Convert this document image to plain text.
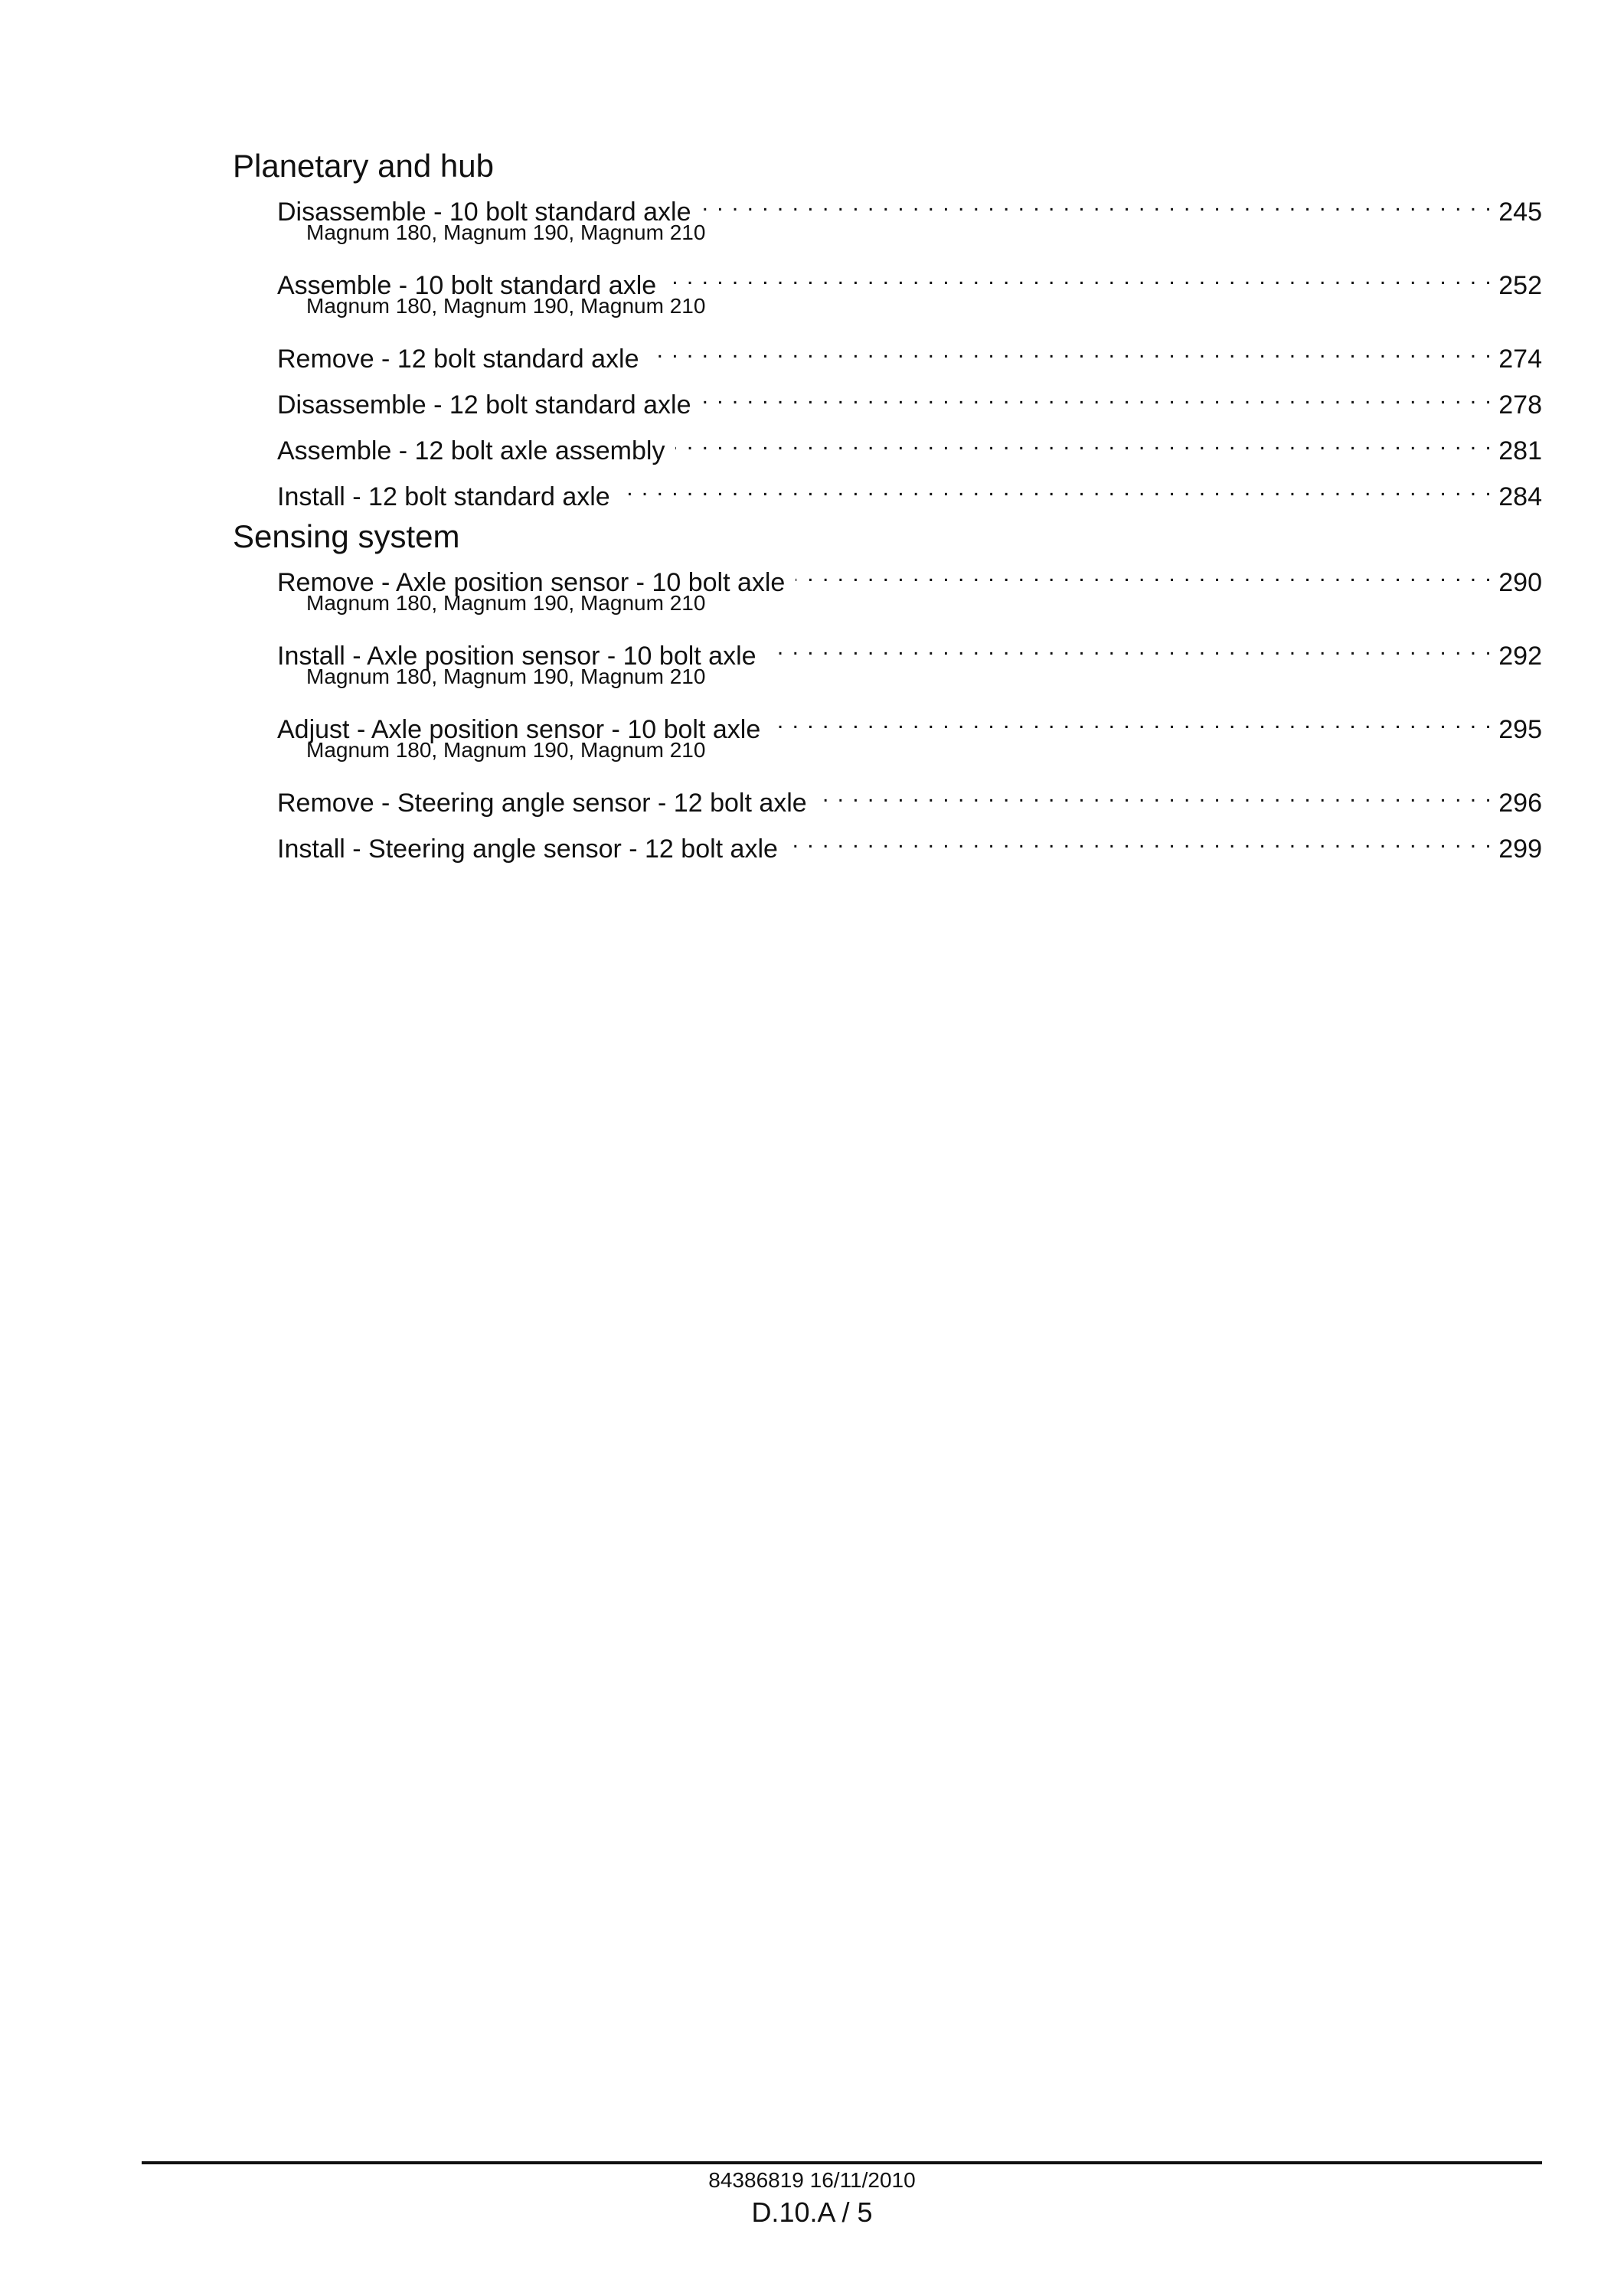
Planetary and hub
Disassemble - 10 bolt standard axle . . .	245
Magnum 180, Magnum 190, Magnum 210
Assemble - 10 bolt standard axle . . .	252
Magnum 180, Magnum 190, Magnum 210
Remove - 12 bolt standard axle . . .	274
Disassemble - 12 bolt standard axle . . .	278
Assemble - 12 bolt axle assembly . . .	281
Install - 12 bolt standard axle . . .	284
Sensing system
Remove - Axle position sensor - 10 bolt axle . . .	290
Magnum 180, Magnum 190, Magnum 210
Install - Axle position sensor - 10 bolt axle . . .	292
Magnum 180, Magnum 190, Magnum 210
Adjust - Axle position sensor - 10 bolt axle . . .	295
Magnum 180, Magnum 190, Magnum 210
Remove - Steering angle sensor - 12 bolt axle . . .	296
Install - Steering angle sensor - 12 bolt axle . . .	299
84386819 16/11/2010
D.10.A / 5
